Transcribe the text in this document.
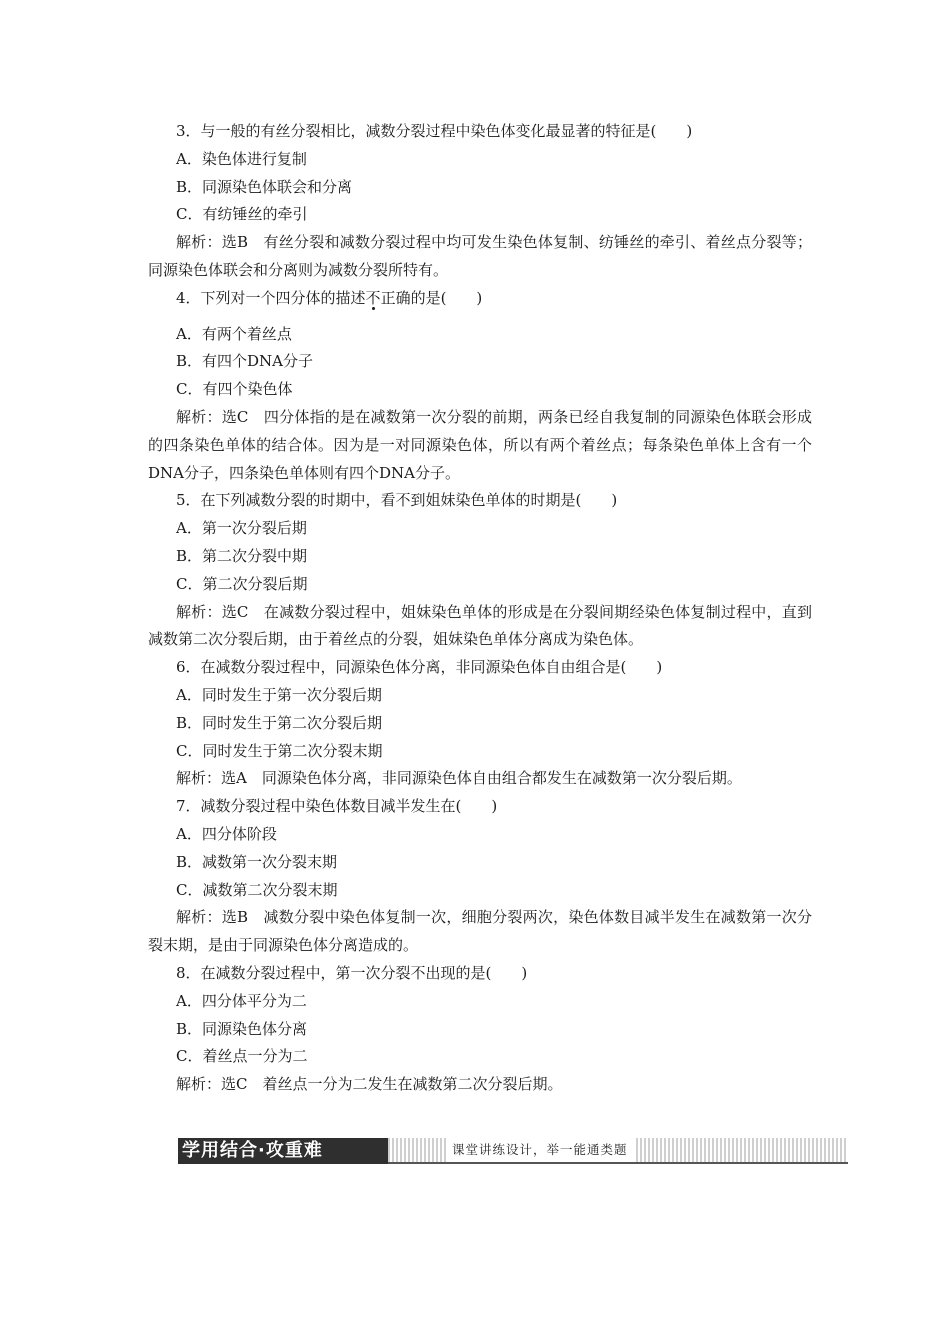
3．与一般的有丝分裂相比，减数分裂过程中染色体变化最显著的特征是(　　)
A．染色体进行复制
B．同源染色体联会和分离
C．有纺锤丝的牵引
解析：选B　有丝分裂和减数分裂过程中均可发生染色体复制、纺锤丝的牵引、着丝点分裂等；同源染色体联会和分离则为减数分裂所特有。
4．下列对一个四分体的描述不正确的是(　　)
A．有两个着丝点
B．有四个DNA分子
C．有四个染色体
解析：选C　四分体指的是在减数第一次分裂的前期，两条已经自我复制的同源染色体联会形成的四条染色单体的结合体。因为是一对同源染色体，所以有两个着丝点；每条染色单体上含有一个DNA分子，四条染色单体则有四个DNA分子。
5．在下列减数分裂的时期中，看不到姐妹染色单体的时期是(　　)
A．第一次分裂后期
B．第二次分裂中期
C．第二次分裂后期
解析：选C　在减数分裂过程中，姐妹染色单体的形成是在分裂间期经染色体复制过程中，直到减数第二次分裂后期，由于着丝点的分裂，姐妹染色单体分离成为染色体。
6．在减数分裂过程中，同源染色体分离，非同源染色体自由组合是(　　)
A．同时发生于第一次分裂后期
B．同时发生于第二次分裂后期
C．同时发生于第二次分裂末期
解析：选A　同源染色体分离，非同源染色体自由组合都发生在减数第一次分裂后期。
7．减数分裂过程中染色体数目减半发生在(　　)
A．四分体阶段
B．减数第一次分裂末期
C．减数第二次分裂末期
解析：选B　减数分裂中染色体复制一次，细胞分裂两次，染色体数目减半发生在减数第一次分裂末期，是由于同源染色体分离造成的。
8．在减数分裂过程中，第一次分裂不出现的是(　　)
A．四分体平分为二
B．同源染色体分离
C．着丝点一分为二
解析：选C　着丝点一分为二发生在减数第二次分裂后期。
学用结合·攻重难	课堂讲练设计，举一能通类题
